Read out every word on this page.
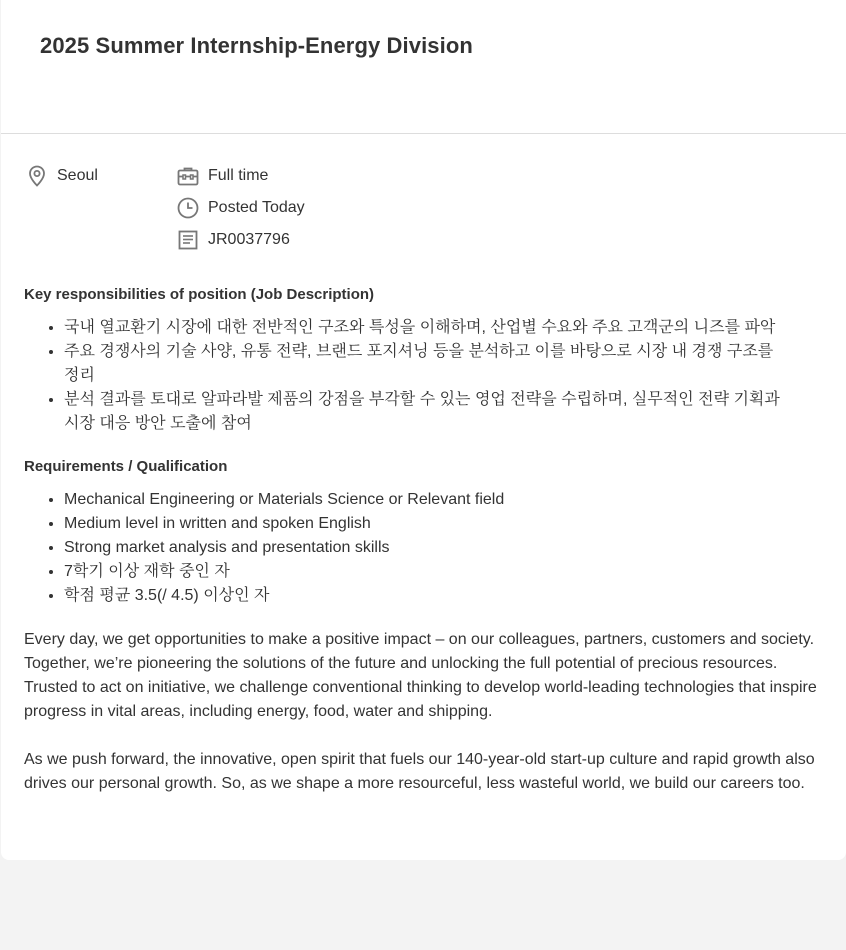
2025 Summer Internship-Energy Division
Seoul	Full time
Posted Today
JR0037796

Key responsibilities of position (Job Description)

• 국내 열교환기 시장에 대한 전반적인 구조와 특성을 이해하며, 산업별 수요와 주요 고객군의 니즈를 파악
• 주요 경쟁사의 기술 사양, 유통 전략, 브랜드 포지셔닝 등을 분석하고 이를 바탕으로 시장 내 경쟁 구조를 정리
• 분석 결과를 토대로 알파라발 제품의 강점을 부각할 수 있는 영업 전략을 수립하며, 실무적인 전략 기획과 시장 대응 방안 도출에 참여

Requirements / Qualification

• Mechanical Engineering or Materials Science or Relevant field
• Medium level in written and spoken English
• Strong market analysis and presentation skills
• 7학기 이상 재학 중인 자
• 학점 평균 3.5(/ 4.5) 이상인 자

Every day, we get opportunities to make a positive impact – on our colleagues, partners, customers and society. Together, we’re pioneering the solutions of the future and unlocking the full potential of precious resources. Trusted to act on initiative, we challenge conventional thinking to develop world-leading technologies that inspire progress in vital areas, including energy, food, water and shipping.

As we push forward, the innovative, open spirit that fuels our 140-year-old start-up culture and rapid growth also drives our personal growth. So, as we shape a more resourceful, less wasteful world, we build our careers too.
